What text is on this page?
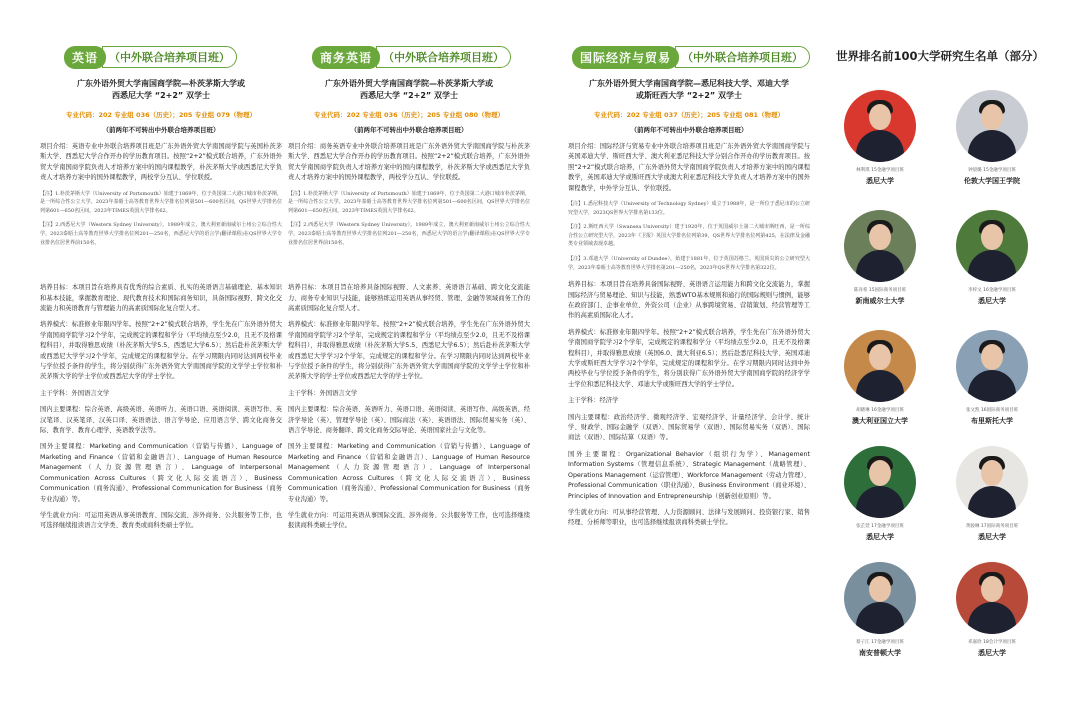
英语	（中外联合培养项目班）
广东外语外贸大学南国商学院—朴茨茅斯大学或
西悉尼大学 “2+2” 双学士
专业代码：202 专业组 036（历史）；205 专业组 079（物理）
（前两年不可转出中外联合培养项目班）

项目介绍：英语专业中外联合培养项目班是广东外语外贸大学南国商学院与英国朴茨茅斯大学、西悉尼大学合作开办的学历教育项目。按照“2+2”模式联合培养，广东外语外贸大学南国商学院负责人才培养方案中的国内课程教学，朴茨茅斯大学或西悉尼大学负责人才培养方案中的国外课程教学，两校学分互认、学位联授。

【注】1.朴茨茅斯大学（University of Portsmouth）始建于1869年，位于英国第二大港口城市朴茨茅斯，是一所综合性公立大学。2023年泰晤士高等教育世界大学排名位列第501—600名区间，QS世界大学排名位列第601—650名区间，2023年TIMES英国大学排名62。

【注】2.西悉尼大学（Western Sydney University），1989年成立，澳大利亚新南威尔士州公立综合性大学，2023泰晤士高等教育世界大学排名位列201—250名，西悉尼大学的语言学(翻译课程)在QS世界大学专业排名位居世界前150名。

培养目标：本项目旨在培养具有优秀的综合素质、扎实的英语语言基础理论、基本知识和基本技能，掌握教育理论、现代教育技术和国际商务知识，具备国际视野、跨文化交流能力和英语教育与管理能力的高素质国际化复合型人才。

培养模式：标准修业年限四学年。按照“2+2”模式联合培养，学生先在广东外语外贸大学南国商学院学习2个学年，完成规定的课程和学分（平均绩点至少2.0，且无不及格课程科目），并取得雅思成绩（朴茨茅斯大学5.5、西悉尼大学6.5）；然后赴朴茨茅斯大学或西悉尼大学学习2个学年，完成规定的课程和学分。在学习期限内同时达到两校毕业与学位授予条件的学生，将分别获得广东外语外贸大学南国商学院的文学学士学位和朴茨茅斯大学的学士学位或西悉尼大学的学士学位。

主干学科：外国语言文学

国内主要课程：综合英语、高级英语、英语听力、英语口语、英语阅读、英语写作、英汉笔译、汉英笔译、汉英口译、英语语法、语言学导论、应用语言学、跨文化商务交际、教育学、教育心理学、英语教学法等。

国外主要课程：Marketing and Communication（营销与传播）、Language of Marketing and Finance（营销和金融语言）、Language of Human Resource Management（人力资源管理语言）、Language of Interpersonal Communication Across Cultures（跨文化人际交流语言）、Business Communication（商务沟通）、Professional Communication for Business（商务专业沟通）等。

学生就业方向：可运用英语从事英语教育、国际交流、涉外商务、公共服务等工作，也可选择继续报读语言文学类、教育类或商科类硕士学位。

商务英语	（中外联合培养项目班）
广东外语外贸大学南国商学院—朴茨茅斯大学或
西悉尼大学 “2+2” 双学士
专业代码：202 专业组 036（历史）；205 专业组 080（物理）
（前两年不可转出中外联合培养项目班）

项目介绍：商务英语专业中外联合培养项目班是广东外语外贸大学南国商学院与朴茨茅斯大学、西悉尼大学合作开办的学历教育项目。按照“2+2”模式联合培养，广东外语外贸大学南国商学院负责人才培养方案中的国内课程教学，朴茨茅斯大学或西悉尼大学负责人才培养方案中的国外课程教学，两校学分互认、学位联授。

【注】1.朴茨茅斯大学（University of Portsmouth）始建于1869年，位于英国第二大港口城市朴茨茅斯，是一所综合性公立大学。2023年泰晤士高等教育世界大学排名位列第501—600名区间，QS世界大学排名位列第601—650名区间，2023年TIMES英国大学排名62。

【注】2.西悉尼大学（Western Sydney University），1989年成立，澳大利亚新南威尔士州公立综合性大学，2023泰晤士高等教育世界大学排名位列201—250名，西悉尼大学的语言学(翻译课程)在QS世界大学专业排名位居世界前150名。

培养目标：本项目旨在培养具备国际视野、人文素养、英语语言基础、跨文化交流能力、商务专业知识与技能，能够熟练运用英语从事经贸、管理、金融等领域商务工作的高素质国际化复合型人才。

培养模式：标准修业年限四学年。按照“2+2”模式联合培养，学生先在广东外语外贸大学南国商学院学习2个学年，完成规定的课程和学分（平均绩点至少2.0，且无不及格课程科目），并取得雅思成绩（朴茨茅斯大学5.5、西悉尼大学6.5）；然后赴朴茨茅斯大学或西悉尼大学学习2个学年，完成规定的课程和学分。在学习期限内同时达到两校毕业与学位授予条件的学生，将分别获得广东外语外贸大学南国商学院的文学学士学位和朴茨茅斯大学的学士学位或西悉尼大学的学士学位。

主干学科：外国语言文学

国内主要课程：综合英语、英语听力、英语口语、英语阅读、英语写作、高级英语、经济学导论（英）、管理学导论（英）、国际商法（英）、英语语法、国际贸易实务（英）、语言学导论、商务翻译、跨文化商务交际导论、英语国家社会与文化等。

国外主要课程：Marketing and Communication（营销与传播）、Language of Marketing and Finance（营销和金融语言）、Language of Human Resource Management（人力资源管理语言）、Language of Interpersonal Communication Across Cultures（跨文化人际交流语言）、Business Communication（商务沟通）、Professional Communication for Business（商务专业沟通）等。

学生就业方向：可运用英语从事国际交流、涉外商务、公共服务等工作，也可选择继续报读商科类硕士学位。

国际经济与贸易	（中外联合培养项目班）
广东外语外贸大学南国商学院—悉尼科技大学、邓迪大学
或斯旺西大学 “2+2” 双学士
专业代码：202 专业组 037（历史）；205 专业组 081（物理）
（前两年不可转出中外联合培养项目班）

项目介绍：国际经济与贸易专业中外联合培养项目班是广东外语外贸大学南国商学院与英国邓迪大学、斯旺西大学、澳大利亚悉尼科技大学分别合作开办的学历教育项目。按照“2+2”模式联合培养，广东外语外贸大学南国商学院负责人才培养方案中的国内课程教学，英国邓迪大学或斯旺西大学或澳大利亚悉尼科技大学负责人才培养方案中的国外课程教学，中外学分互认、学位联授。

【注】1.悉尼科技大学（University of Technology Sydney）成立于1988年，是一所位于悉尼市的公立研究型大学，2023QS世界大学排名第133位。

【注】2.斯旺西大学（Swansea University）建于1920年，位于英国威尔士第二大城市斯旺西，是一所综合性公立研究型大学，2023年《卫报》英国大学排名位列第39，QS世界大学排名位列第425，在法律及金融类专业领域表现卓越。

【注】3.邓迪大学（University of Dundee），始建于1881年，位于英国苏格兰，英国顶尖的公立研究型大学，2023年泰晤士高等教育世界大学排名第201—250名，2023年QS世界大学排名第322位。

培养目标：本项目旨在培养具备国际视野、英语语言运用能力和跨文化交流能力，掌握国际经济与贸易理论、知识与技能，熟悉WTO基本规则和通行的国际规则与惯例，能够在政府部门、企事业单位、外资公司（企业）从事跨境贸易、营销策划、经营管理等工作的高素质国际化人才。

培养模式：标准修业年限四学年。按照“2+2”模式联合培养，学生先在广东外语外贸大学南国商学院学习2个学年，完成规定的课程和学分（平均绩点至少2.0，且无不及格课程科目），并取得雅思成绩（英国6.0、澳大利亚6.5）；然后赴悉尼科技大学、英国邓迪大学或斯旺西大学学习2个学年，完成规定的课程和学分。在学习期限内同时达到中外两校毕业与学位授予条件的学生，将分别获得广东外语外贸大学南国商学院的经济学学士学位和悉尼科技大学、邓迪大学或斯旺西大学的学士学位。

主干学科：经济学

国内主要课程：政治经济学、微观经济学、宏观经济学、计量经济学、会计学、统计学、财政学、国际金融学（双语）、国际贸易学（双语）、国际贸易实务（双语）、国际商法（双语）、国际结算（双语）等。

国外主要课程：Organizational Behavior（组织行为学）、Management Information Systems（管理信息系统）、Strategic Management（战略管理）、Operations Management（运营管理）、Workforce Management（劳动力管理）、Professional Communication（职业沟通）、Business Environment（商业环境）、Principles of Innovation and Entrepreneurship（创新创业原则）等。

学生就业方向：可从事经营管理、人力资源顾问、法律与发展顾问、投资银行家、销售经理、分析师等职业，也可选择继续报读商科类硕士学位。

世界排名前100大学研究生名单（部分）
林利琪 15金融学项目班
悉尼大学
钟晨璐 15金融学项目班
伦敦大学国王学院
陈泽希 15国际商务项目班
新南威尔士大学
李梓文 16金融学项目班
悉尼大学
胡晓琳 16金融学项目班
澳大利亚国立大学
张文凯 16国际商务项目班
布里斯托大学
张芷萱 17金融学项目班
悉尼大学
黄骏琳 17国际商务项目班
悉尼大学
蔡子江 17金融学项目班
南安普顿大学
邓嘉欣 18会计学项目班
悉尼大学
